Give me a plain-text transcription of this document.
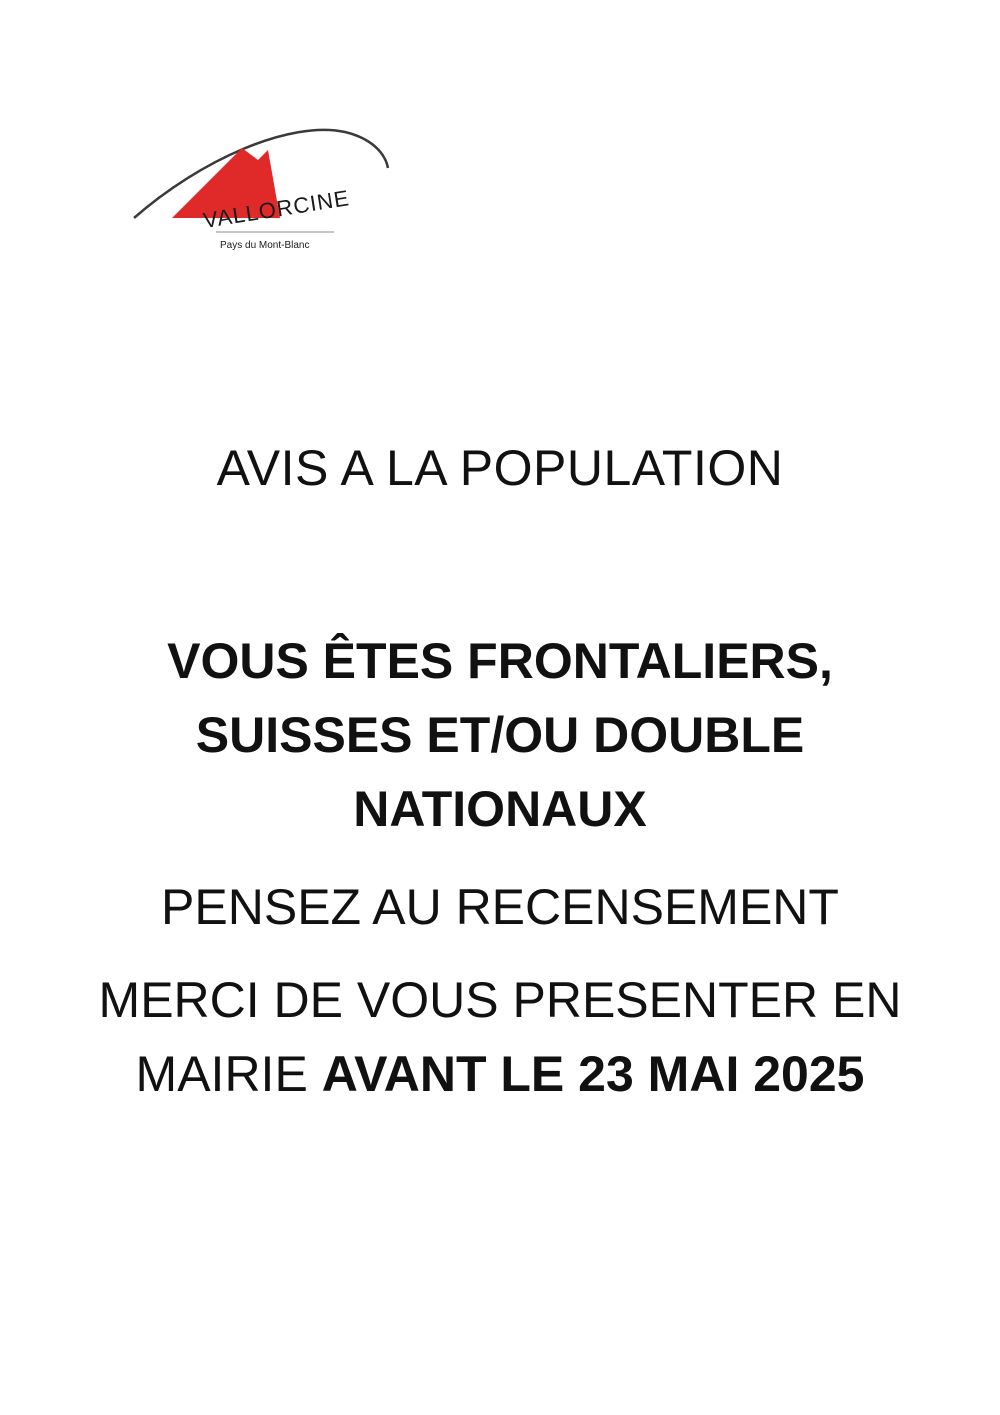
VALLORCINE
Pays du Mont-Blanc

AVIS A LA POPULATION

VOUS ÊTES FRONTALIERS, SUISSES ET/OU DOUBLE NATIONAUX

PENSEZ AU RECENSEMENT

MERCI DE VOUS PRESENTER EN MAIRIE AVANT LE 23 MAI 2025
